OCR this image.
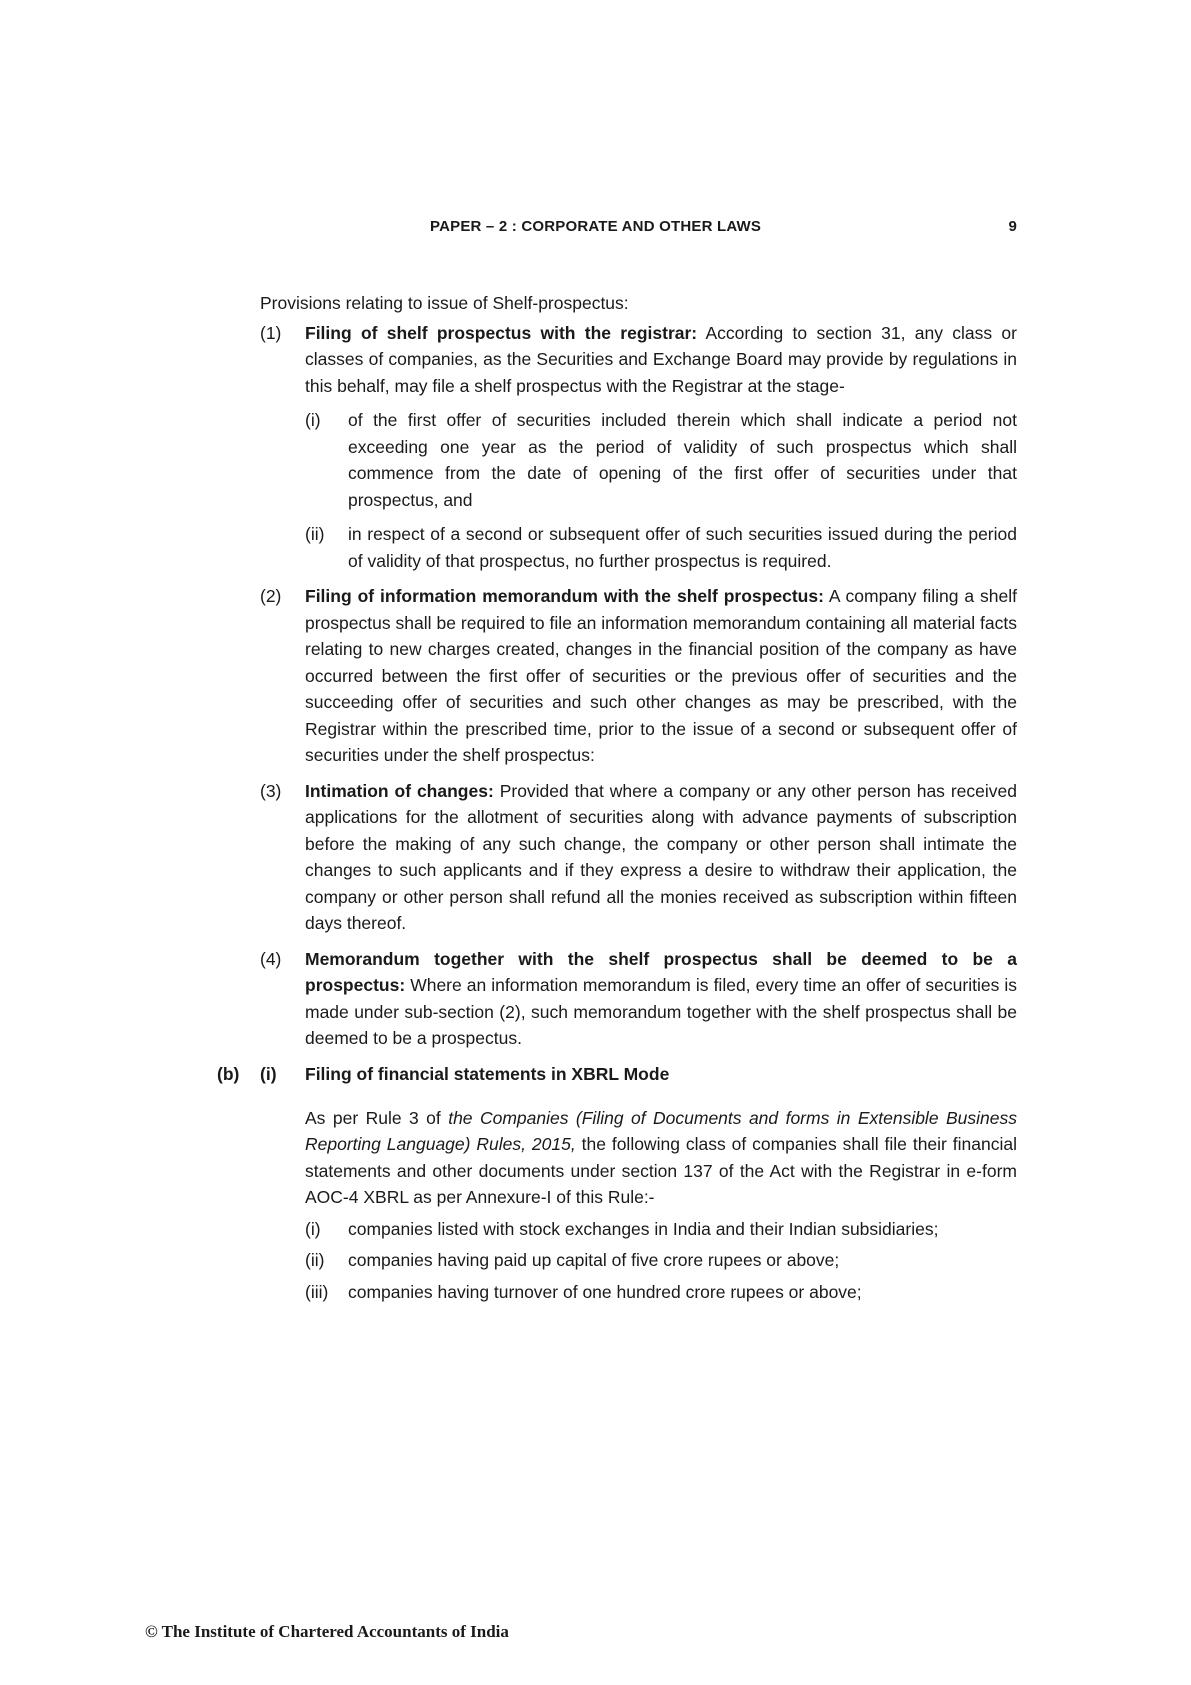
PAPER – 2 : CORPORATE AND OTHER LAWS	9

Provisions relating to issue of Shelf-prospectus:

(1)	Filing of shelf prospectus with the registrar: According to section 31, any class or classes of companies, as the Securities and Exchange Board may provide by regulations in this behalf, may file a shelf prospectus with the Registrar at the stage-

(i)	of the first offer of securities included therein which shall indicate a period not exceeding one year as the period of validity of such prospectus which shall commence from the date of opening of the first offer of securities under that prospectus, and
(ii)	in respect of a second or subsequent offer of such securities issued during the period of validity of that prospectus, no further prospectus is required.
(2)	Filing of information memorandum with the shelf prospectus: A company filing a shelf prospectus shall be required to file an information memorandum containing all material facts relating to new charges created, changes in the financial position of the company as have occurred between the first offer of securities or the previous offer of securities and the succeeding offer of securities and such other changes as may be prescribed, with the Registrar within the prescribed time, prior to the issue of a second or subsequent offer of securities under the shelf prospectus:

(3)	Intimation of changes: Provided that where a company or any other person has received applications for the allotment of securities along with advance payments of subscription before the making of any such change, the company or other person shall intimate the changes to such applicants and if they express a desire to withdraw their application, the company or other person shall refund all the monies received as subscription within fifteen days thereof.

(4)	Memorandum together with the shelf prospectus shall be deemed to be a prospectus: Where an information memorandum is filed, every time an offer of securities is made under sub-section (2), such memorandum together with the shelf prospectus shall be deemed to be a prospectus.

(b) (i)	Filing of financial statements in XBRL Mode

As per Rule 3 of the Companies (Filing of Documents and forms in Extensible Business Reporting Language) Rules, 2015, the following class of companies shall file their financial statements and other documents under section 137 of the Act with the Registrar in e-form AOC-4 XBRL as per Annexure-I of this Rule:-

(i)	companies listed with stock exchanges in India and their Indian subsidiaries;
(ii)	companies having paid up capital of five crore rupees or above;
(iii)	companies having turnover of one hundred crore rupees or above;
© The Institute of Chartered Accountants of India
